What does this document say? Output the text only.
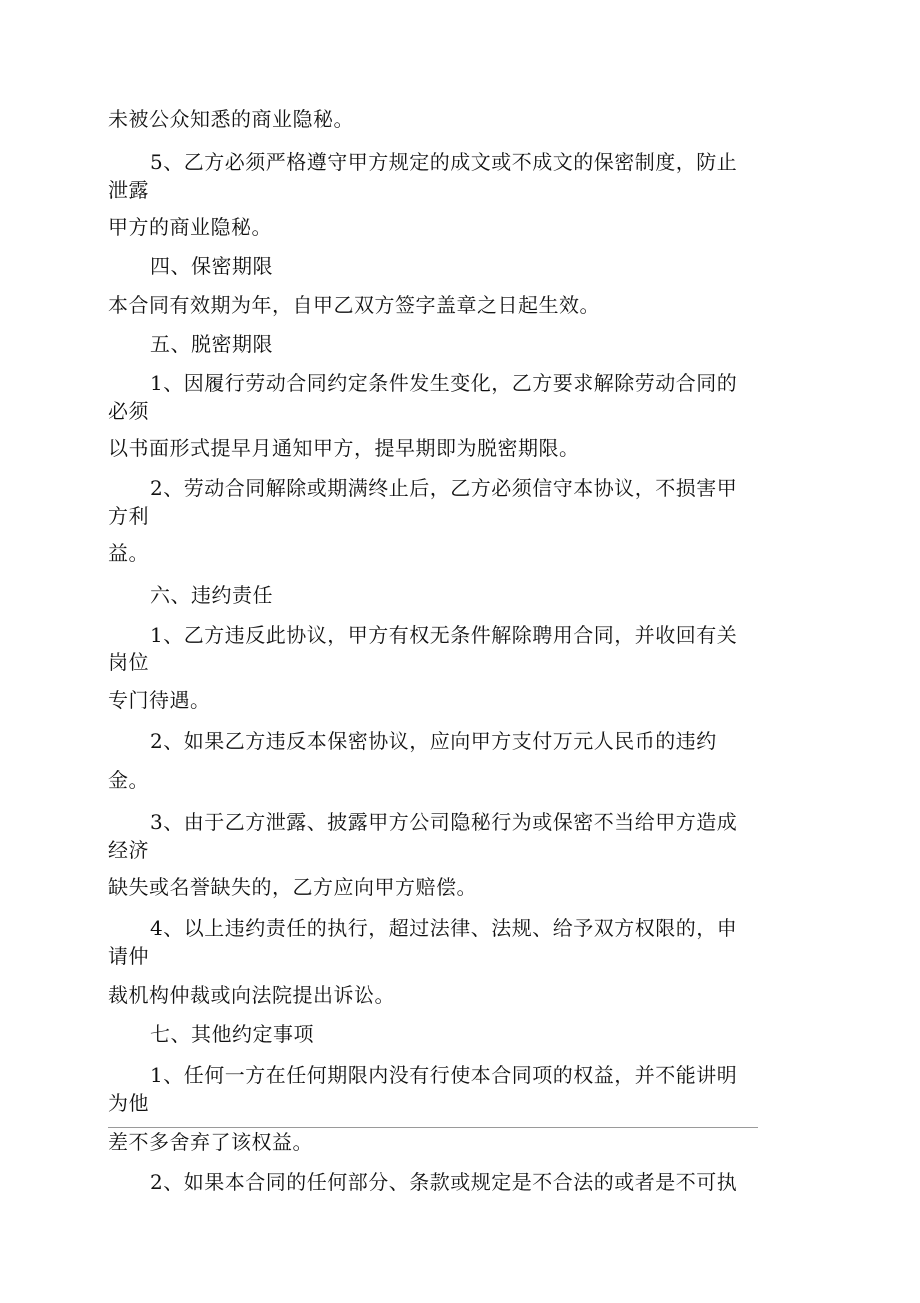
未被公众知悉的商业隐秘。
5、乙方必须严格遵守甲方规定的成文或不成文的保密制度，防止
泄露
甲方的商业隐秘。
四、保密期限
本合同有效期为年，自甲乙双方签字盖章之日起生效。
五、脱密期限
1、因履行劳动合同约定条件发生变化，乙方要求解除劳动合同的
必须
以书面形式提早月通知甲方，提早期即为脱密期限。
2、劳动合同解除或期满终止后，乙方必须信守本协议，不损害甲
方利
益。
六、违约责任
1、乙方违反此协议，甲方有权无条件解除聘用合同，并收回有关
岗位
专门待遇。
2、如果乙方违反本保密协议，应向甲方支付万元人民币的违约
金。
3、由于乙方泄露、披露甲方公司隐秘行为或保密不当给甲方造成
经济
缺失或名誉缺失的，乙方应向甲方赔偿。
4、以上违约责任的执行，超过法律、法规、给予双方权限的，申
请仲
裁机构仲裁或向法院提出诉讼。
七、其他约定事项
1、任何一方在任何期限内没有行使本合同项的权益，并不能讲明
为他
差不多舍弃了该权益。
2、如果本合同的任何部分、条款或规定是不合法的或者是不可执
